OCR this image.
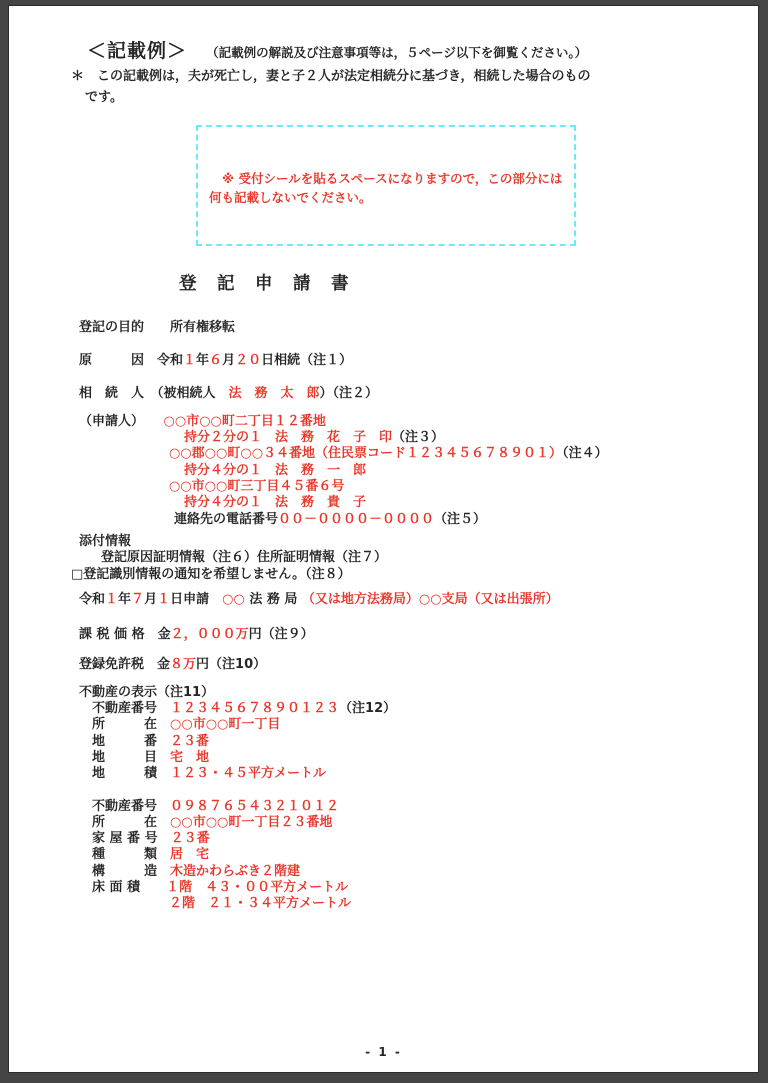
＜記載例＞ （記載例の解説及び注意事項等は，５ページ以下を御覧ください。）
＊　この記載例は，夫が死亡し，妻と子２人が法定相続分に基づき，相続した場合のもの
です。
※ 受付シールを貼るスペースになりますので，この部分には何も記載しないでください。
登　記　申　請　書
登記の目的　　所有権移転
原　　　因　令和１年６月２０日相続（注１）
相　続　人　（被相続人　法　務　太　郎）（注２）
（申請人）　　○○市○○町二丁目１２番地
持分２分の１　法　務　花　子　印（注３）
○○郡○○町○○３４番地（住民票コード１２３４５６７８９０１）（注４）
持分４分の１　法　務　一　郎
○○市○○町三丁目４５番６号
持分４分の１　法　務　貴　子
連絡先の電話番号００－００００－００００（注５）
添付情報
登記原因証明情報（注６）住所証明情報（注７）
□登記識別情報の通知を希望しません。（注８）
令和１年７月１日申請　○○ 法 務 局 （又は地方法務局）○○支局（又は出張所）
課 税 価 格　金２，０００万円（注９）
登録免許税　金８万円（注10）
不動産の表示（注11）
不動産番号　１２３４５６７８９０１２３（注12）
所　　　在　○○市○○町一丁目
地　　　番　２３番
地　　　目　宅　地
地　　　積　１２３・４５平方メートル
不動産番号　０９８７６５４３２１０１２
所　　　在　○○市○○町一丁目２３番地
家 屋 番 号　２３番
種　　　類　居　宅
構　　　造　木造かわらぶき２階建
床 面 積　　１階　４３・００平方メートル
２階　２１・３４平方メートル
- 1 -
